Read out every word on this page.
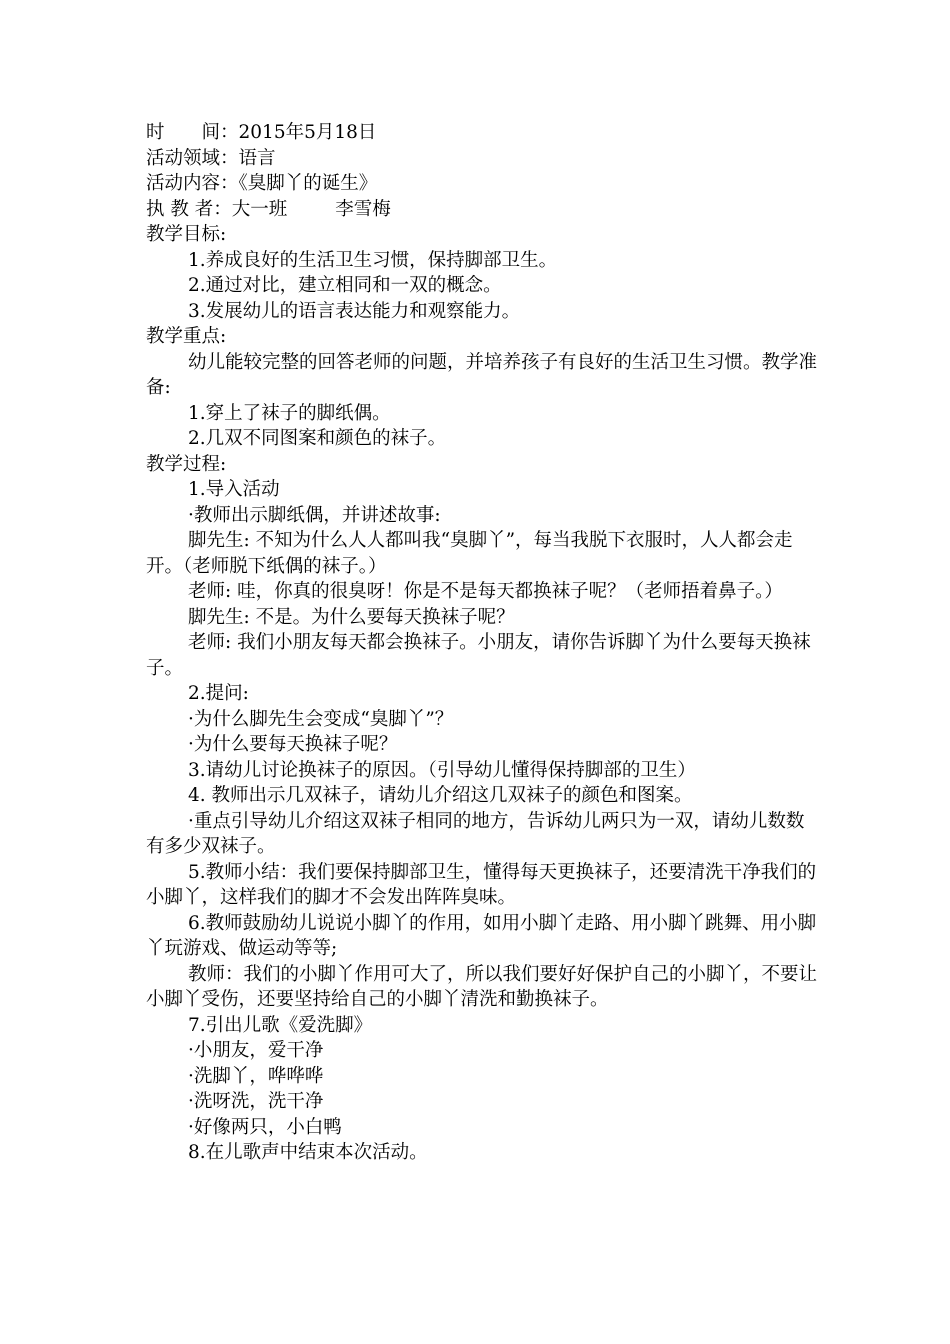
时　　间：2015年5月18日
活动领域：语言
活动内容：《臭脚丫的诞生》
执 教 者：大一班	李雪梅
教学目标:
1.养成良好的生活卫生习惯，保持脚部卫生。
2.通过对比，建立相同和一双的概念。
3.发展幼儿的语言表达能力和观察能力。
教学重点:
幼儿能较完整的回答老师的问题，并培养孩子有良好的生活卫生习惯。教学准备:
1.穿上了袜子的脚纸偶。
2.几双不同图案和颜色的袜子。
教学过程:
1.导入活动
·教师出示脚纸偶，并讲述故事:
脚先生: 不知为什么人人都叫我“臭脚丫”，每当我脱下衣服时，人人都会走开。（老师脱下纸偶的袜子。）
老师: 哇，你真的很臭呀！你是不是每天都换袜子呢？（老师捂着鼻子。）
脚先生: 不是。为什么要每天换袜子呢？
老师: 我们小朋友每天都会换袜子。小朋友，请你告诉脚丫为什么要每天换袜子。
2.提问:
·为什么脚先生会变成“臭脚丫”？
·为什么要每天换袜子呢？
3.请幼儿讨论换袜子的原因。（引导幼儿懂得保持脚部的卫生）
4. 教师出示几双袜子，请幼儿介绍这几双袜子的颜色和图案。
·重点引导幼儿介绍这双袜子相同的地方，告诉幼儿两只为一双，请幼儿数数有多少双袜子。
5.教师小结：我们要保持脚部卫生，懂得每天更换袜子，还要清洗干净我们的小脚丫，这样我们的脚才不会发出阵阵臭味。
6.教师鼓励幼儿说说小脚丫的作用，如用小脚丫走路、用小脚丫跳舞、用小脚丫玩游戏、做运动等等;
教师：我们的小脚丫作用可大了，所以我们要好好保护自己的小脚丫，不要让小脚丫受伤，还要坚持给自己的小脚丫清洗和勤换袜子。
7.引出儿歌《爱洗脚》
·小朋友，爱干净
·洗脚丫，哗哗哗
·洗呀洗，洗干净
·好像两只，小白鸭
8.在儿歌声中结束本次活动。
